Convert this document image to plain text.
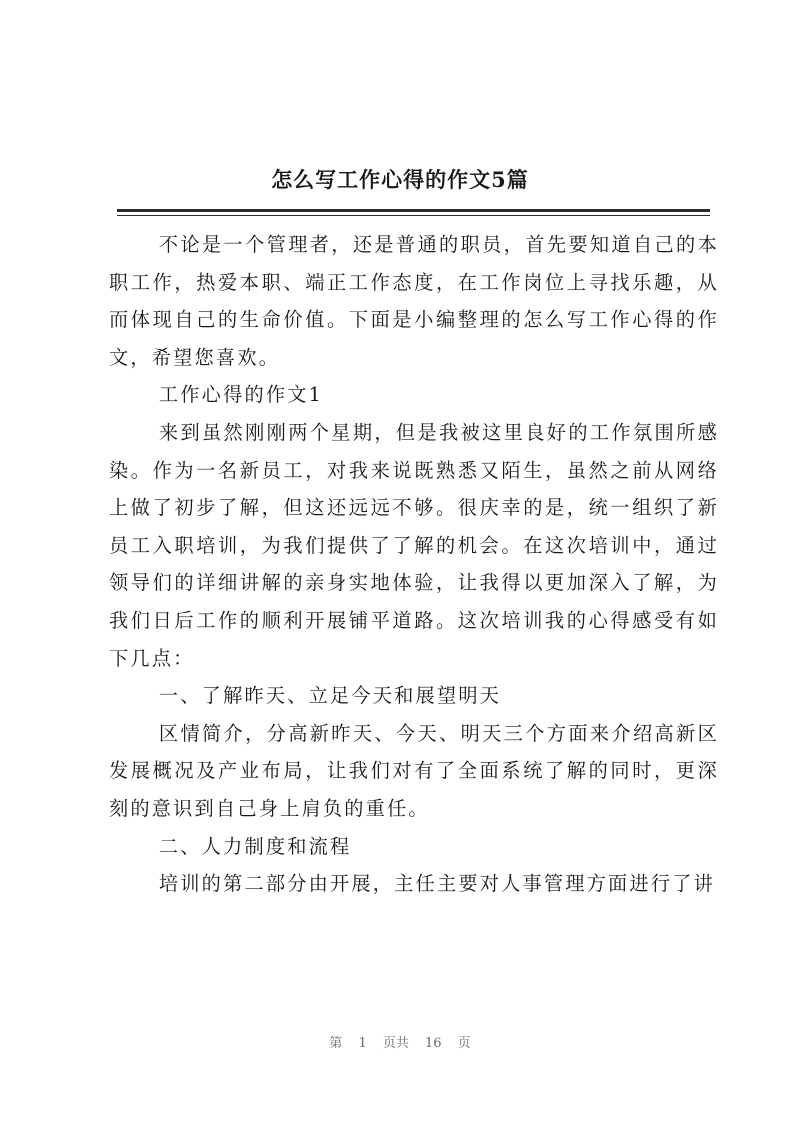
怎么写工作心得的作文5篇

不论是一个管理者，还是普通的职员，首先要知道自己的本职工作，热爱本职、端正工作态度，在工作岗位上寻找乐趣，从而体现自己的生命价值。下面是小编整理的怎么写工作心得的作文，希望您喜欢。

工作心得的作文1

来到虽然刚刚两个星期，但是我被这里良好的工作氛围所感染。作为一名新员工，对我来说既熟悉又陌生，虽然之前从网络上做了初步了解，但这还远远不够。很庆幸的是，统一组织了新员工入职培训，为我们提供了了解的机会。在这次培训中，通过领导们的详细讲解的亲身实地体验，让我得以更加深入了解，为我们日后工作的顺利开展铺平道路。这次培训我的心得感受有如下几点：

一、了解昨天、立足今天和展望明天

区情简介，分高新昨天、今天、明天三个方面来介绍高新区发展概况及产业布局，让我们对有了全面系统了解的同时，更深刻的意识到自己身上肩负的重任。

二、人力制度和流程

培训的第二部分由开展，主任主要对人事管理方面进行了讲

第 1 页共 16 页
